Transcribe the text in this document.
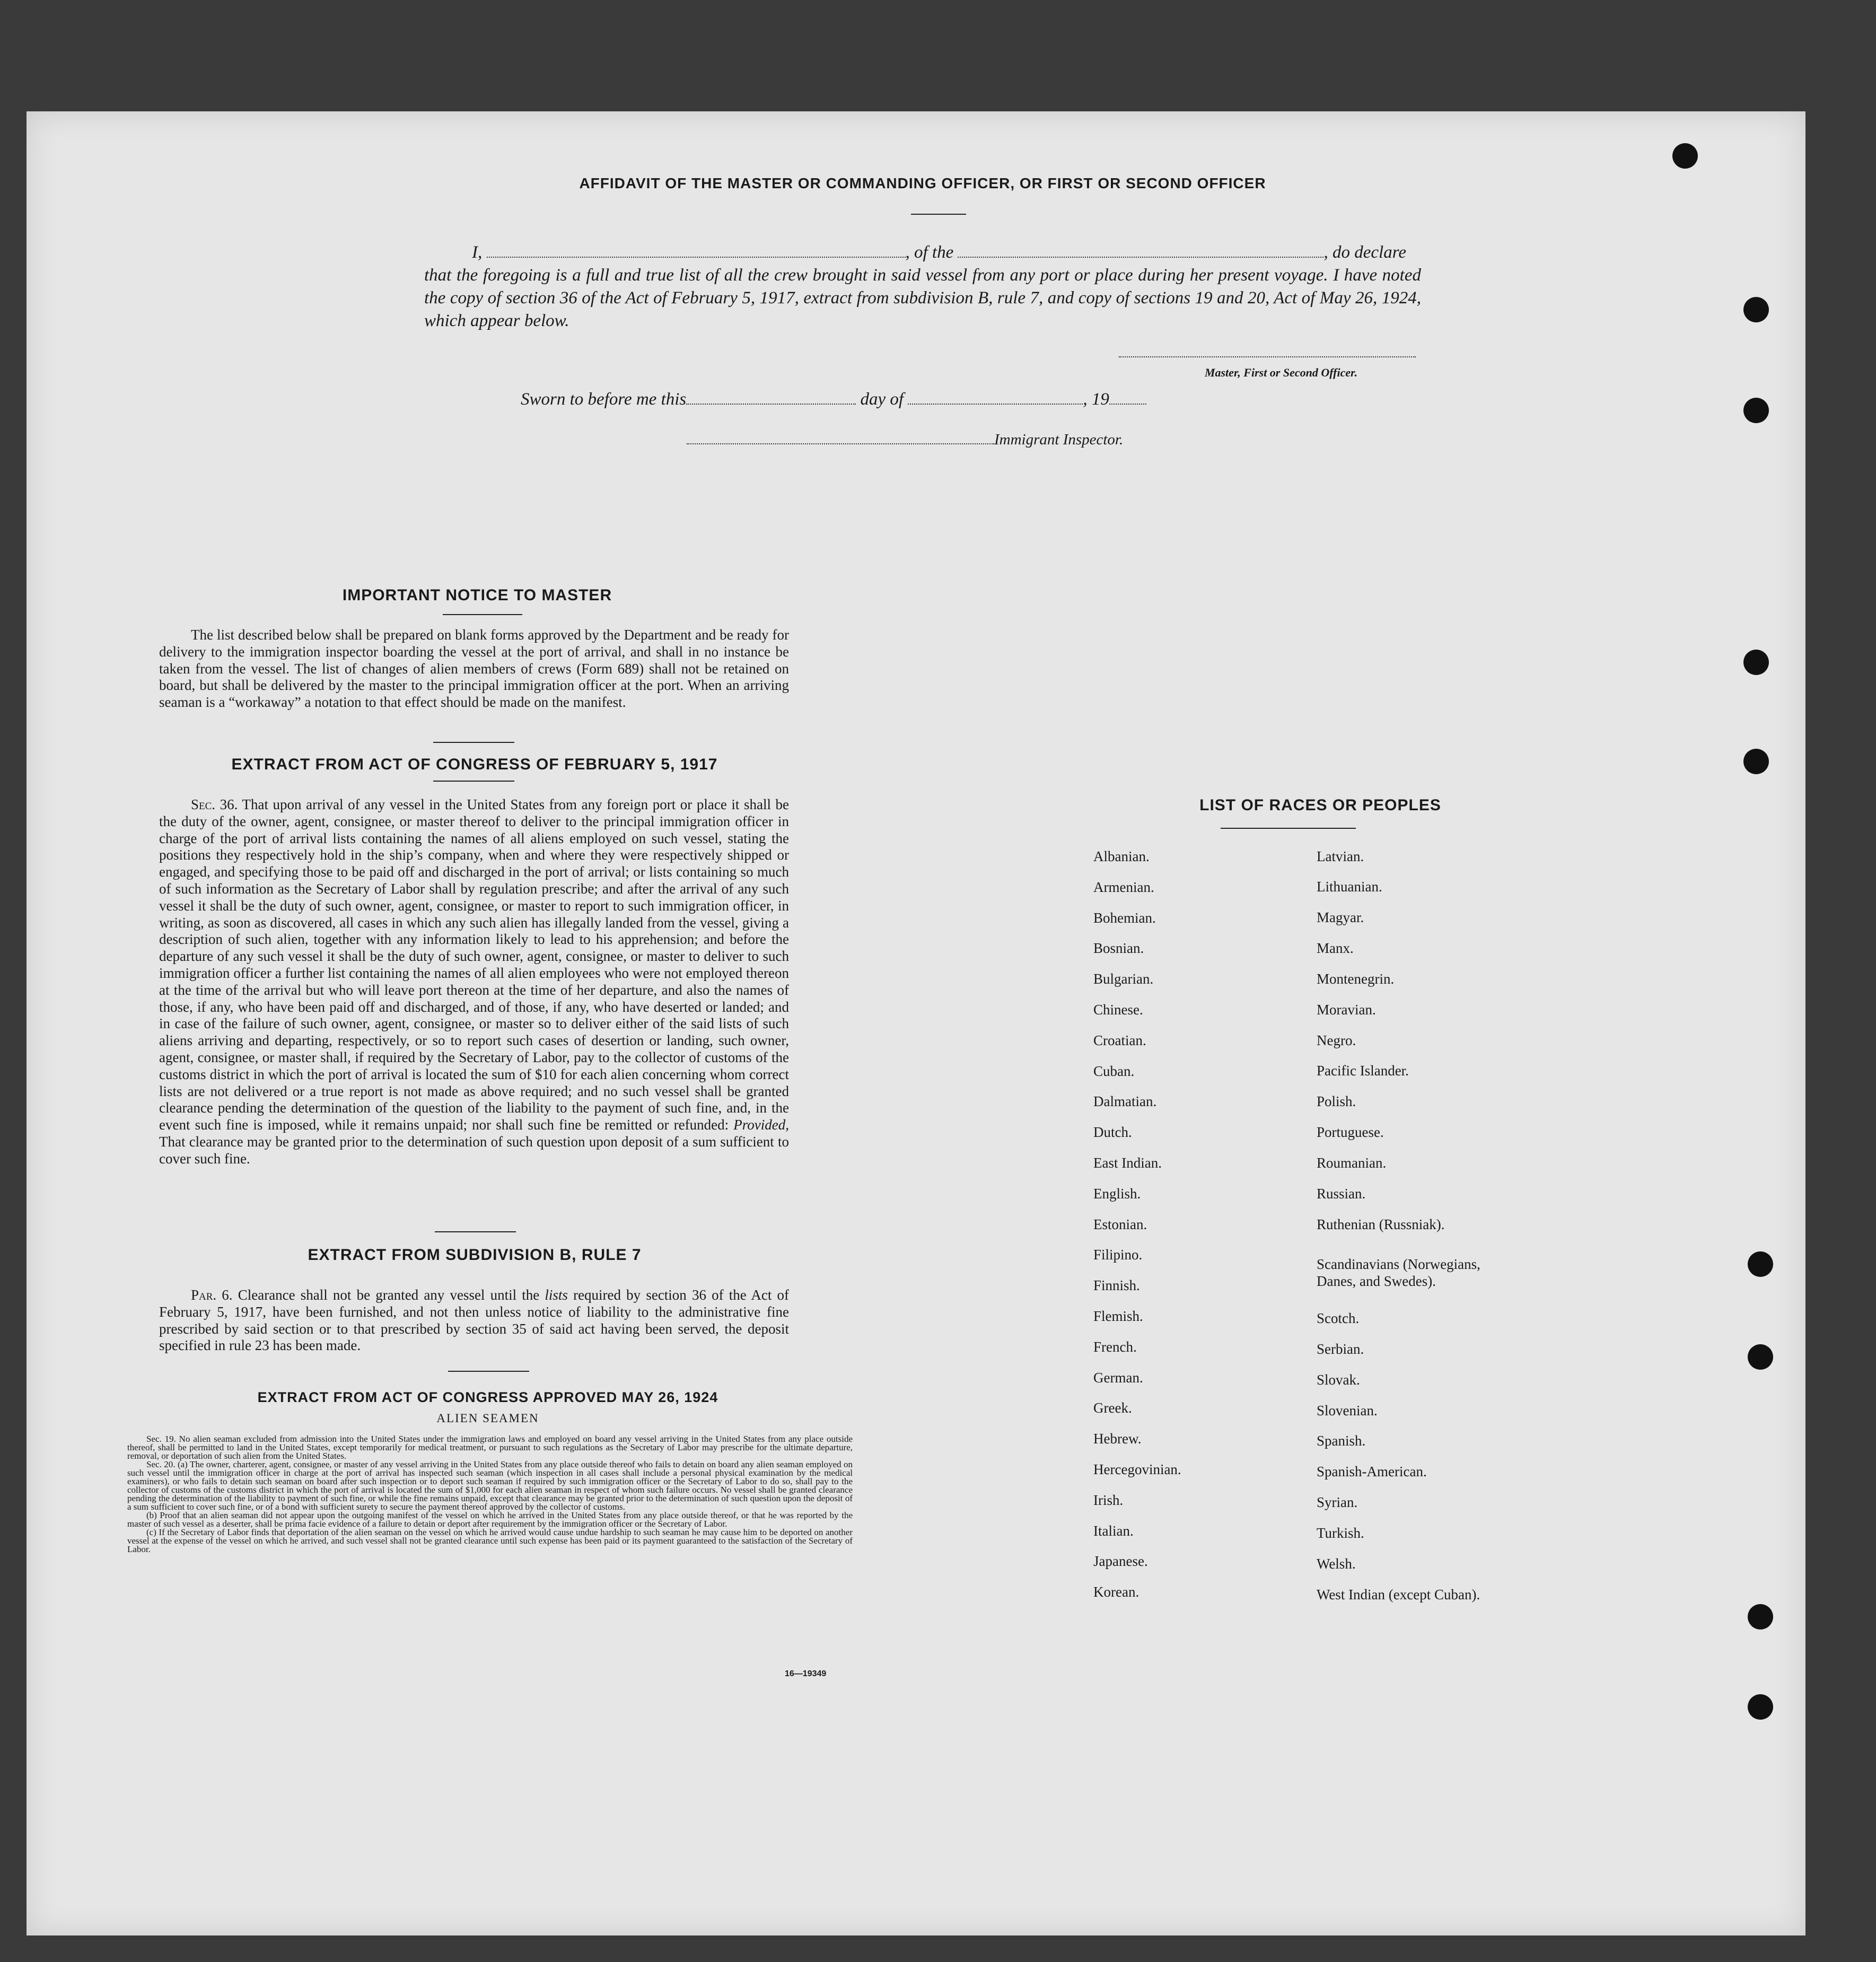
AFFIDAVIT OF THE MASTER OR COMMANDING OFFICER, OR FIRST OR SECOND OFFICER
I,	, of the	, do declare
that the foregoing is a full and true list of all the crew brought in said vessel from any port or place during her present voyage. I have noted the copy of section 36 of the Act of February 5, 1917, extract from subdivision B, rule 7, and copy of sections 19 and 20, Act of May 26, 1924, which appear below.
Master, First or Second Officer.
Sworn to before me this	day of	, 19
Immigrant Inspector.
IMPORTANT NOTICE TO MASTER
The list described below shall be prepared on blank forms approved by the Department and be ready for delivery to the immigration inspector boarding the vessel at the port of arrival, and shall in no instance be taken from the vessel. The list of changes of alien members of crews (Form 689) shall not be retained on board, but shall be delivered by the master to the principal immigration officer at the port. When an arriving seaman is a “workaway” a notation to that effect should be made on the manifest.
EXTRACT FROM ACT OF CONGRESS OF FEBRUARY 5, 1917
Sec. 36. That upon arrival of any vessel in the United States from any foreign port or place it shall be the duty of the owner, agent, consignee, or master thereof to deliver to the principal immigration officer in charge of the port of arrival lists containing the names of all aliens employed on such vessel, stating the positions they respectively hold in the ship’s company, when and where they were respectively shipped or engaged, and specifying those to be paid off and discharged in the port of arrival; or lists containing so much of such information as the Secretary of Labor shall by regulation prescribe; and after the arrival of any such vessel it shall be the duty of such owner, agent, consignee, or master to report to such immigration officer, in writing, as soon as discovered, all cases in which any such alien has illegally landed from the vessel, giving a description of such alien, together with any information likely to lead to his apprehension; and before the departure of any such vessel it shall be the duty of such owner, agent, consignee, or master to deliver to such immigration officer a further list containing the names of all alien employees who were not employed thereon at the time of the arrival but who will leave port thereon at the time of her departure, and also the names of those, if any, who have been paid off and discharged, and of those, if any, who have deserted or landed; and in case of the failure of such owner, agent, consignee, or master so to deliver either of the said lists of such aliens arriving and departing, respectively, or so to report such cases of desertion or landing, such owner, agent, consignee, or master shall, if required by the Secretary of Labor, pay to the collector of customs of the customs district in which the port of arrival is located the sum of $10 for each alien concerning whom correct lists are not delivered or a true report is not made as above required; and no such vessel shall be granted clearance pending the determination of the question of the liability to the payment of such fine, and, in the event such fine is imposed, while it remains unpaid; nor shall such fine be remitted or refunded: Provided, That clearance may be granted prior to the determination of such question upon deposit of a sum sufficient to cover such fine.
EXTRACT FROM SUBDIVISION B, RULE 7
Par. 6. Clearance shall not be granted any vessel until the lists required by section 36 of the Act of February 5, 1917, have been furnished, and not then unless notice of liability to the administrative fine prescribed by said section or to that prescribed by section 35 of said act having been served, the deposit specified in rule 23 has been made.
EXTRACT FROM ACT OF CONGRESS APPROVED MAY 26, 1924
ALIEN SEAMEN

Sec. 19. No alien seaman excluded from admission into the United States under the immigration laws and employed on board any vessel arriving in the United States from any place outside thereof, shall be permitted to land in the United States, except temporarily for medical treatment, or pursuant to such regulations as the Secretary of Labor may prescribe for the ultimate departure, removal, or deportation of such alien from the United States.

Sec. 20. (a) The owner, charterer, agent, consignee, or master of any vessel arriving in the United States from any place outside thereof who fails to detain on board any alien seaman employed on such vessel until the immigration officer in charge at the port of arrival has inspected such seaman (which inspection in all cases shall include a personal physical examination by the medical examiners), or who fails to detain such seaman on board after such inspection or to deport such seaman if required by such immigration officer or the Secretary of Labor to do so, shall pay to the collector of customs of the customs district in which the port of arrival is located the sum of $1,000 for each alien seaman in respect of whom such failure occurs. No vessel shall be granted clearance pending the determination of the liability to payment of such fine, or while the fine remains unpaid, except that clearance may be granted prior to the determination of such question upon the deposit of a sum sufficient to cover such fine, or of a bond with sufficient surety to secure the payment thereof approved by the collector of customs.

(b) Proof that an alien seaman did not appear upon the outgoing manifest of the vessel on which he arrived in the United States from any place outside thereof, or that he was reported by the master of such vessel as a deserter, shall be prima facie evidence of a failure to detain or deport after requirement by the immigration officer or the Secretary of Labor.

(c) If the Secretary of Labor finds that deportation of the alien seaman on the vessel on which he arrived would cause undue hardship to such seaman he may cause him to be deported on another vessel at the expense of the vessel on which he arrived, and such vessel shall not be granted clearance until such expense has been paid or its payment guaranteed to the satisfaction of the Secretary of Labor.

16—19349
LIST OF RACES OR PEOPLES
Albanian.
Armenian.
Bohemian.
Bosnian.
Bulgarian.
Chinese.
Croatian.
Cuban.
Dalmatian.
Dutch.
East Indian.
English.
Estonian.
Filipino.
Finnish.
Flemish.
French.
German.
Greek.
Hebrew.
Hercegovinian.
Irish.
Italian.
Japanese.
Korean.
Latvian.
Lithuanian.
Magyar.
Manx.
Montenegrin.
Moravian.
Negro.
Pacific Islander.
Polish.
Portuguese.
Roumanian.
Russian.
Ruthenian (Russniak).
Scandinavians (Norwegians,
Danes, and Swedes).
Scotch.
Serbian.
Slovak.
Slovenian.
Spanish.
Spanish-American.
Syrian.
Turkish.
Welsh.
West Indian (except Cuban).
